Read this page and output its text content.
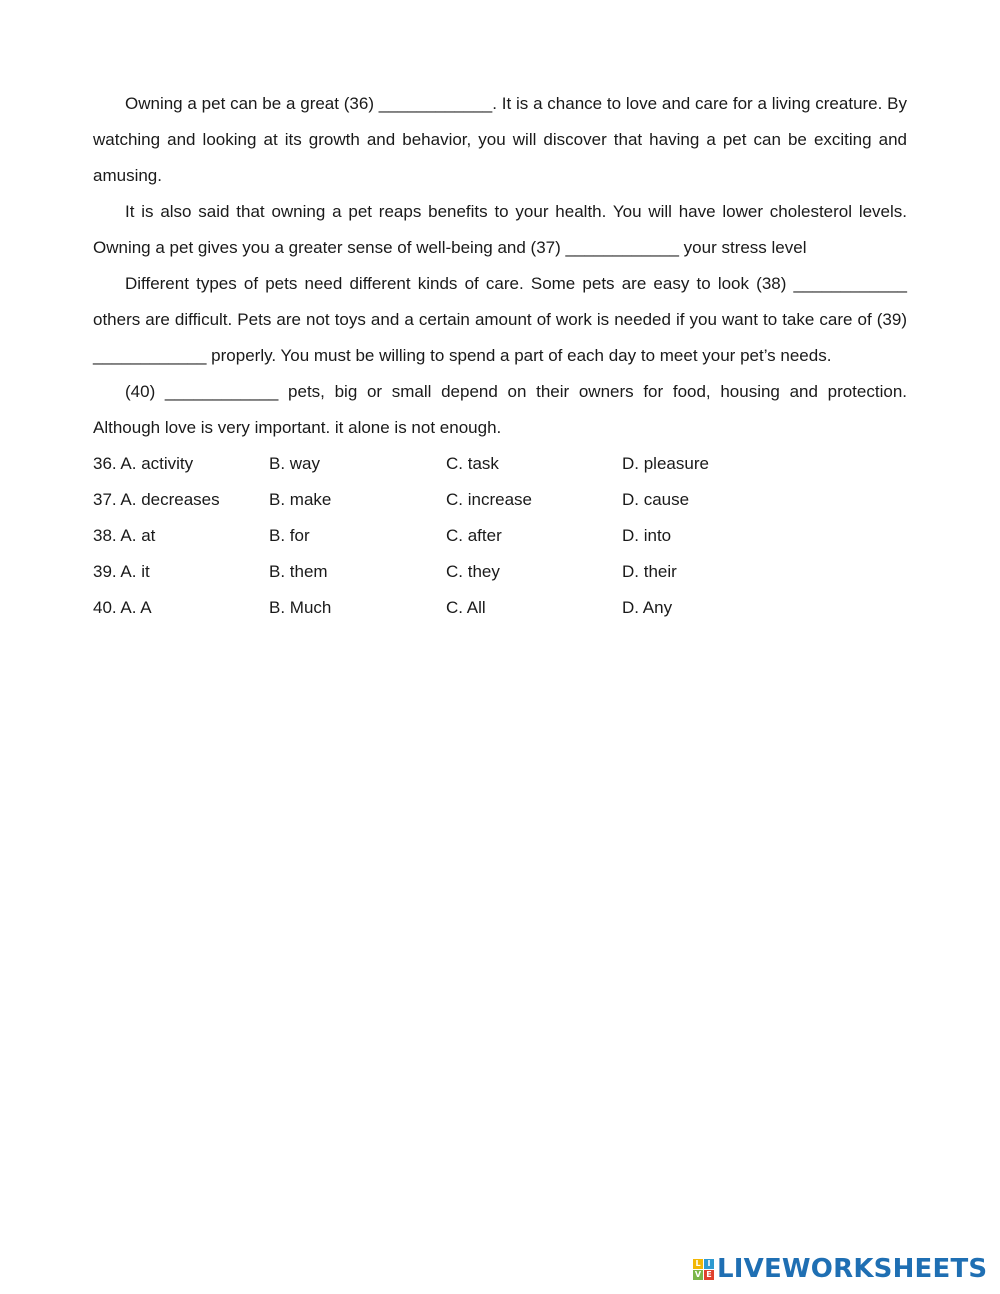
Owning a pet can be a great (36) ____________. It is a chance to love and care for a living creature. By watching and looking at its growth and behavior, you will discover that having a pet can be exciting and amusing.

It is also said that owning a pet reaps benefits to your health. You will have lower cholesterol levels. Owning a pet gives you a greater sense of well-being and (37) ____________ your stress level

Different types of pets need different kinds of care. Some pets are easy to look (38) ____________ others are difficult. Pets are not toys and a certain amount of work is needed if you want to take care of (39) ____________ properly. You must be willing to spend a part of each day to meet your pet’s needs.

(40) ____________ pets, big or small depend on their owners for food, housing and protection. Although love is very important. it alone is not enough.

36. A. activity	B. way	C. task	D. pleasure
37. A. decreases	B. make	C. increase	D. cause
38. A. at	B. for	C. after	D. into
39. A. it	B. them	C. they	D. their
40. A. A	B. Much	C. All	D. Any
L I
V E LIVEWORKSHEETS
